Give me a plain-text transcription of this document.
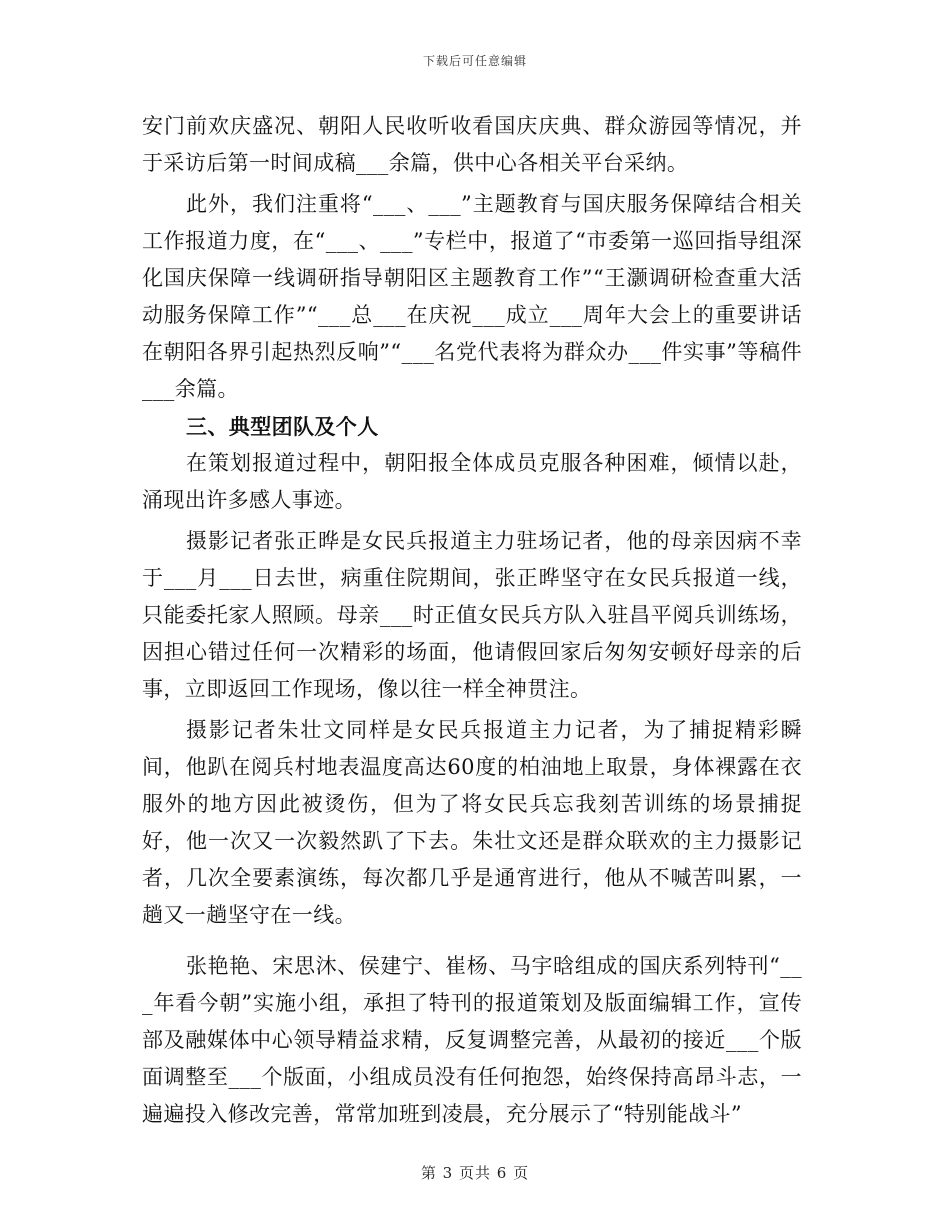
下载后可任意编辑

安门前欢庆盛况、朝阳人民收听收看国庆庆典、群众游园等情况，并于采访后第一时间成稿___余篇，供中心各相关平台采纳。

此外，我们注重将“___、___”主题教育与国庆服务保障结合相关工作报道力度，在“___、___”专栏中，报道了“市委第一巡回指导组深化国庆保障一线调研指导朝阳区主题教育工作”“王灏调研检查重大活动服务保障工作”“___总___在庆祝___成立___周年大会上的重要讲话在朝阳各界引起热烈反响”“___名党代表将为群众办___件实事”等稿件___余篇。

三、典型团队及个人

在策划报道过程中，朝阳报全体成员克服各种困难，倾情以赴，涌现出许多感人事迹。

摄影记者张正晔是女民兵报道主力驻场记者，他的母亲因病不幸于___月___日去世，病重住院期间，张正晔坚守在女民兵报道一线，只能委托家人照顾。母亲___时正值女民兵方队入驻昌平阅兵训练场，因担心错过任何一次精彩的场面，他请假回家后匆匆安顿好母亲的后事，立即返回工作现场，像以往一样全神贯注。

摄影记者朱壮文同样是女民兵报道主力记者，为了捕捉精彩瞬间，他趴在阅兵村地表温度高达60度的柏油地上取景，身体裸露在衣服外的地方因此被烫伤，但为了将女民兵忘我刻苦训练的场景捕捉好，他一次又一次毅然趴了下去。朱壮文还是群众联欢的主力摄影记者，几次全要素演练，每次都几乎是通宵进行，他从不喊苦叫累，一趟又一趟坚守在一线。

张艳艳、宋思沐、侯建宁、崔杨、马宇晗组成的国庆系列特刊“___年看今朝”实施小组，承担了特刊的报道策划及版面编辑工作，宣传部及融媒体中心领导精益求精，反复调整完善，从最初的接近___个版面调整至___个版面，小组成员没有任何抱怨，始终保持高昂斗志，一遍遍投入修改完善，常常加班到凌晨，充分展示了“特别能战斗”

第 3 页共 6 页
